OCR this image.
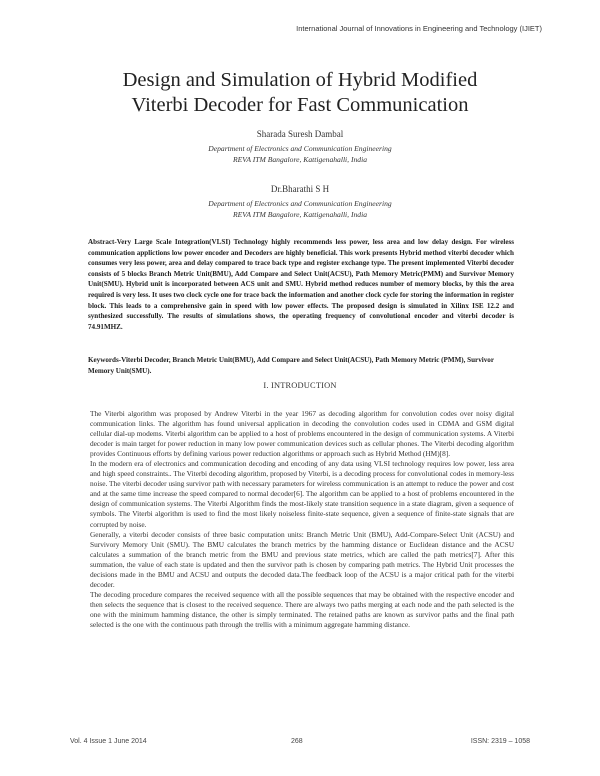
International Journal of Innovations in Engineering and Technology (IJIET)
Design and Simulation of Hybrid Modified
Viterbi Decoder for Fast Communication
Sharada Suresh Dambal
Department of Electronics and Communication Engineering
REVA ITM Bangalore, Kattigenahalli, India
Dr.Bharathi S H
Department of Electronics and Communication Engineering
REVA ITM Bangalore, Kattigenahalli, India

Abstract-Very Large Scale Integration(VLSI) Technology highly recommends less power, less area and low delay design. For wireless communication applictions low power encoder and Decoders are highly beneficial. This work presents Hybrid method viterbi decoder which consumes very less power, area and delay compared to trace back type and register exchange type. The present implemented Viterbi decoder consists of 5 blocks Branch Metric Unit(BMU), Add Compare and Select Unit(ACSU), Path Memory Metric(PMM) and Survivor Memory Unit(SMU). Hybrid unit is incorporated between ACS unit and SMU. Hybrid method reduces number of memory blocks, by this the area required is very less. It uses two clock cycle one for trace back the information and another clock cycle for storing the information in register block. This leads to a comprehensive gain in speed with low power effects. The proposed design is simulated in Xilinx ISE 12.2 and synthesized successfully. The results of simulations shows, the operating frequency of convolutional encoder and viterbi decoder is 74.91MHZ.

Keywords-Viterbi Decoder, Branch Metric Unit(BMU), Add Compare and Select Unit(ACSU), Path Memory Metric (PMM), Survivor Memory Unit(SMU).

I. INTRODUCTION

The Viterbi algorithm was proposed by Andrew Viterbi in the year 1967 as decoding algorithm for convolution codes over noisy digital communication links. The algorithm has found universal application in decoding the convolution codes used in CDMA and GSM digital cellular dial-up modems. Viterbi algorithm can be applied to a host of problems encountered in the design of communication systems. A Viterbi decoder is main target for power reduction in many low power communication devices such as cellular phones. The Viterbi decoding algorithm provides Continuous efforts by defining various power reduction algorithms or approach such as Hybrid Method (HM)[8].

In the modern era of electronics and communication decoding and encoding of any data using VLSI technology requires low power, less area and high speed constraints.. The Viterbi decoding algorithm, proposed by Viterbi, is a decoding process for convolutional codes in memory-less noise. The viterbi decoder using survivor path with necessary parameters for wireless communication is an attempt to reduce the power and cost and at the same time increase the speed compared to normal decoder[6]. The algorithm can be applied to a host of problems encountered in the design of communication systems. The Viterbi Algorithm finds the most-likely state transition sequence in a state diagram, given a sequence of symbols. The Viterbi algorithm is used to find the most likely noiseless finite-state sequence, given a sequence of finite-state signals that are corrupted by noise.

Generally, a viterbi decoder consists of three basic computation units: Branch Metric Unit (BMU), Add-Compare-Select Unit (ACSU) and Survivory Memory Unit (SMU). The BMU calculates the branch metrics by the hamming distance or Euclidean distance and the ACSU calculates a summation of the branch metric from the BMU and previous state metrics, which are called the path metrics[7]. After this summation, the value of each state is updated and then the survivor path is chosen by comparing path metrics. The Hybrid Unit processes the decisions made in the BMU and ACSU and outputs the decoded data.The feedback loop of the ACSU is a major critical path for the viterbi decoder.

The decoding procedure compares the received sequence with all the possible sequences that may be obtained with the respective encoder and then selects the sequence that is closest to the received sequence. There are always two paths merging at each node and the path selected is the one with the minimum hamming distance, the other is simply terminated. The retained paths are known as survivor paths and the final path selected is the one with the continuous path through the trellis with a minimum aggregate hamming distance.

Vol. 4 Issue 1 June 2014	268	ISSN: 2319 – 1058
